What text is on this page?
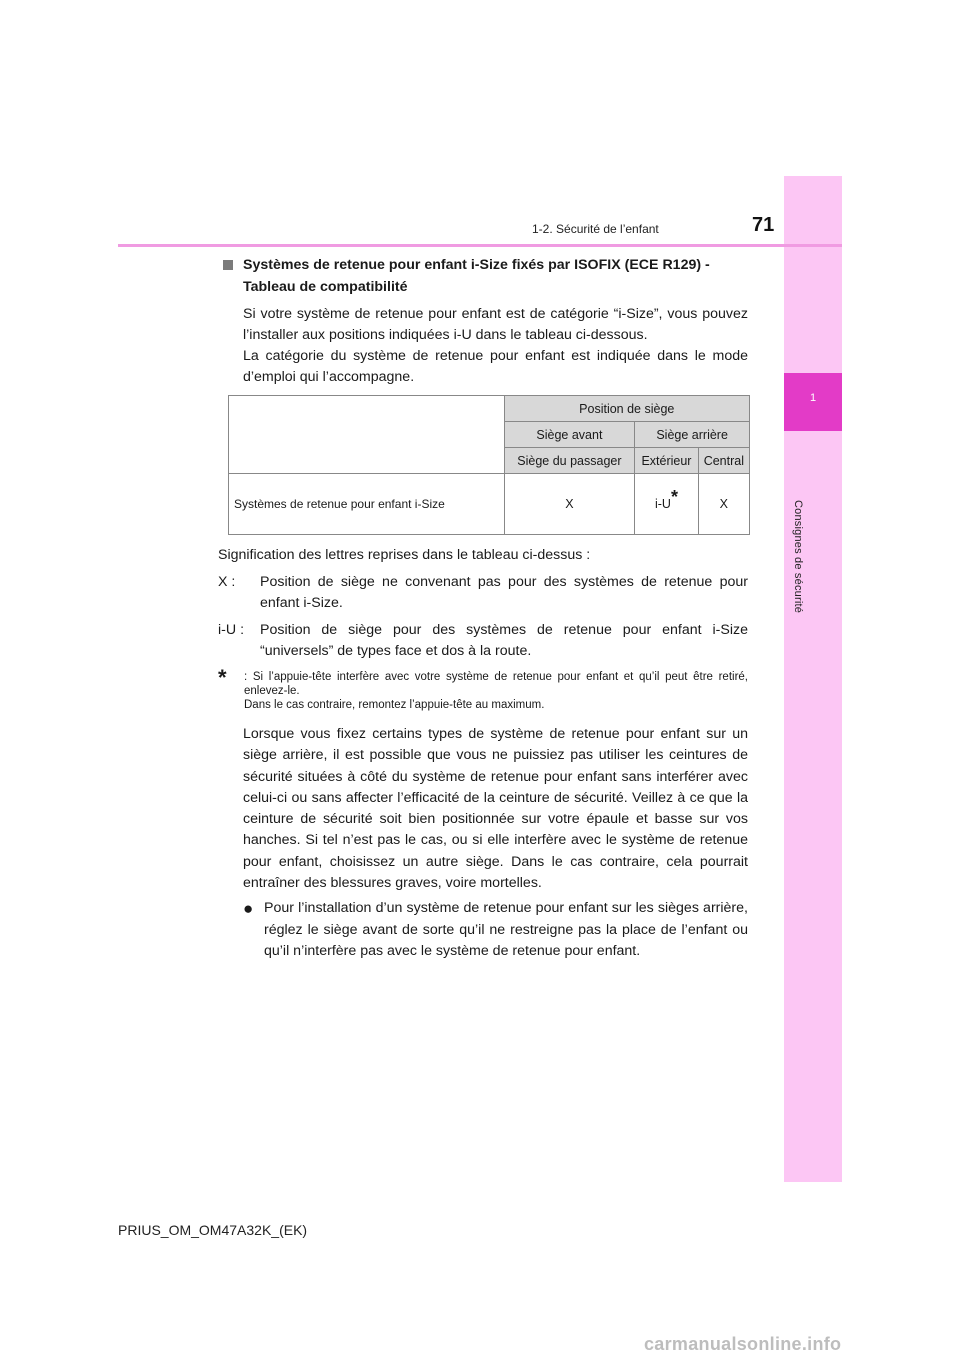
1
Consignes de sécurité
71
1-2. Sécurité de l’enfant
Systèmes de retenue pour enfant i-Size fixés par ISOFIX (ECE R129) - Tableau de compatibilité
Si votre système de retenue pour enfant est de catégorie “i-Size”, vous pouvez l’installer aux positions indiquées i-U dans le tableau ci-dessous.
La catégorie du système de retenue pour enfant est indiquée dans le mode d’emploi qui l’accompagne.
	Position de siège		
	Siège avant	Siège arrière	
	Siège du passager	Extérieur	Central
Systèmes de retenue pour enfant i-Size	X	i-U*	X
Signification des lettres reprises dans le tableau ci-dessus :
X :	Position de siège ne convenant pas pour des systèmes de retenue pour enfant i-Size.
i-U :	Position de siège pour des systèmes de retenue pour enfant i-Size “universels” de types face et dos à la route.
*	: Si l’appuie-tête interfère avec votre système de retenue pour enfant et qu’il peut être retiré, enlevez-le.
Dans le cas contraire, remontez l’appuie-tête au maximum.
Lorsque vous fixez certains types de système de retenue pour enfant sur un siège arrière, il est possible que vous ne puissiez pas utiliser les ceintures de sécurité situées à côté du système de retenue pour enfant sans interférer avec celui-ci ou sans affecter l’efficacité de la ceinture de sécurité. Veillez à ce que la ceinture de sécurité soit bien positionnée sur votre épaule et basse sur vos hanches. Si tel n’est pas le cas, ou si elle interfère avec le système de retenue pour enfant, choisissez un autre siège. Dans le cas contraire, cela pourrait entraîner des blessures graves, voire mortelles.
● Pour l’installation d’un système de retenue pour enfant sur les sièges arrière, réglez le siège avant de sorte qu’il ne restreigne pas la place de l’enfant ou qu’il n’interfère pas avec le système de retenue pour enfant.
PRIUS_OM_OM47A32K_(EK)
carmanualsonline.info
